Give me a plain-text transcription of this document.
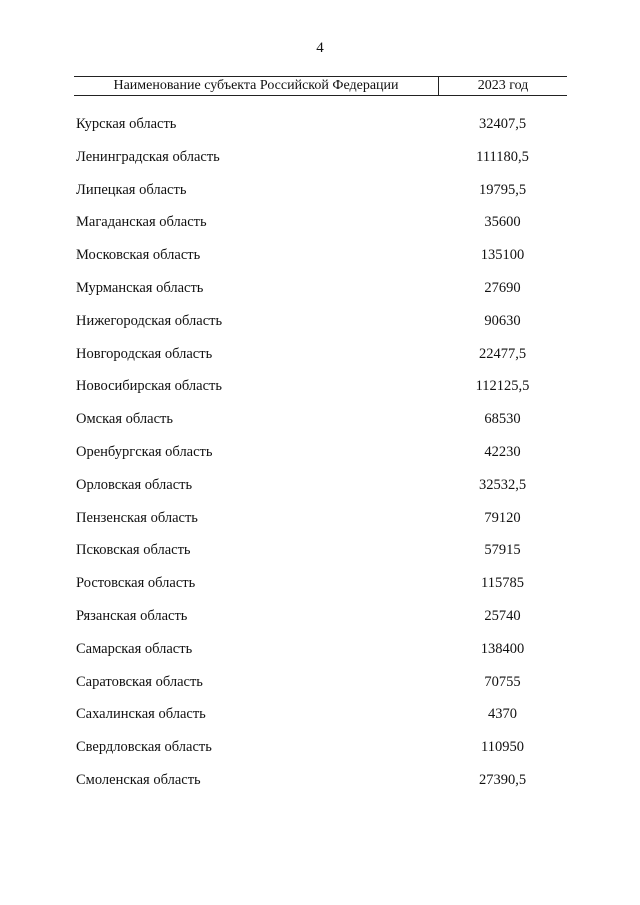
4
Наименование субъекта Российской Федерации	2023 год
Курская область	32407,5
Ленинградская область	111180,5
Липецкая область	19795,5
Магаданская область	35600
Московская область	135100
Мурманская область	27690
Нижегородская область	90630
Новгородская область	22477,5
Новосибирская область	112125,5
Омская область	68530
Оренбургская область	42230
Орловская область	32532,5
Пензенская область	79120
Псковская область	57915
Ростовская область	115785
Рязанская область	25740
Самарская область	138400
Саратовская область	70755
Сахалинская область	4370
Свердловская область	110950
Смоленская область	27390,5
